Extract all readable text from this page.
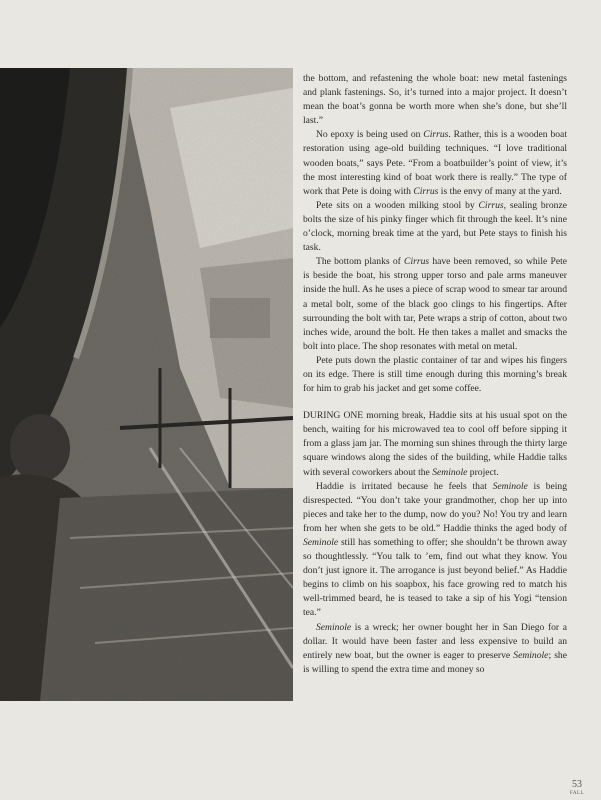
the bottom, and refastening the whole boat: new metal fastenings and plank fastenings. So, it’s turned into a major project. It doesn’t mean the boat’s gonna be worth more when she’s done, but she’ll last.”

No epoxy is being used on Cirrus. Rather, this is a wooden boat restoration using age-old building techniques. “I love traditional wooden boats,” says Pete. “From a boatbuilder’s point of view, it’s the most interesting kind of boat work there is really.” The type of work that Pete is doing with Cirrus is the envy of many at the yard.

Pete sits on a wooden milking stool by Cirrus, sealing bronze bolts the size of his pinky finger which fit through the keel. It’s nine o’clock, morning break time at the yard, but Pete stays to finish his task.

The bottom planks of Cirrus have been removed, so while Pete is beside the boat, his strong upper torso and pale arms maneuver inside the hull. As he uses a piece of scrap wood to smear tar around a metal bolt, some of the black goo clings to his fingertips. After surrounding the bolt with tar, Pete wraps a strip of cotton, about two inches wide, around the bolt. He then takes a mallet and smacks the bolt into place. The shop resonates with metal on metal.

Pete puts down the plastic container of tar and wipes his fingers on its edge. There is still time enough during this morning’s break for him to grab his jacket and get some coffee.

DURING ONE morning break, Haddie sits at his usual spot on the bench, waiting for his microwaved tea to cool off before sipping it from a glass jam jar. The morning sun shines through the thirty large square windows along the sides of the building, while Haddie talks with several coworkers about the Seminole project.

Haddie is irritated because he feels that Seminole is being disrespected. “You don’t take your grandmother, chop her up into pieces and take her to the dump, now do you? No! You try and learn from her when she gets to be old.” Haddie thinks the aged body of Seminole still has something to offer; she shouldn’t be thrown away so thoughtlessly. “You talk to ’em, find out what they know. You don’t just ignore it. The arrogance is just beyond belief.” As Haddie begins to climb on his soapbox, his face growing red to match his well-trimmed beard, he is teased to take a sip of his Yogi “tension tea.”

Seminole is a wreck; her owner bought her in San Diego for a dollar. It would have been faster and less expensive to build an entirely new boat, but the owner is eager to preserve Seminole; she is willing to spend the extra time and money so

53
FALL
